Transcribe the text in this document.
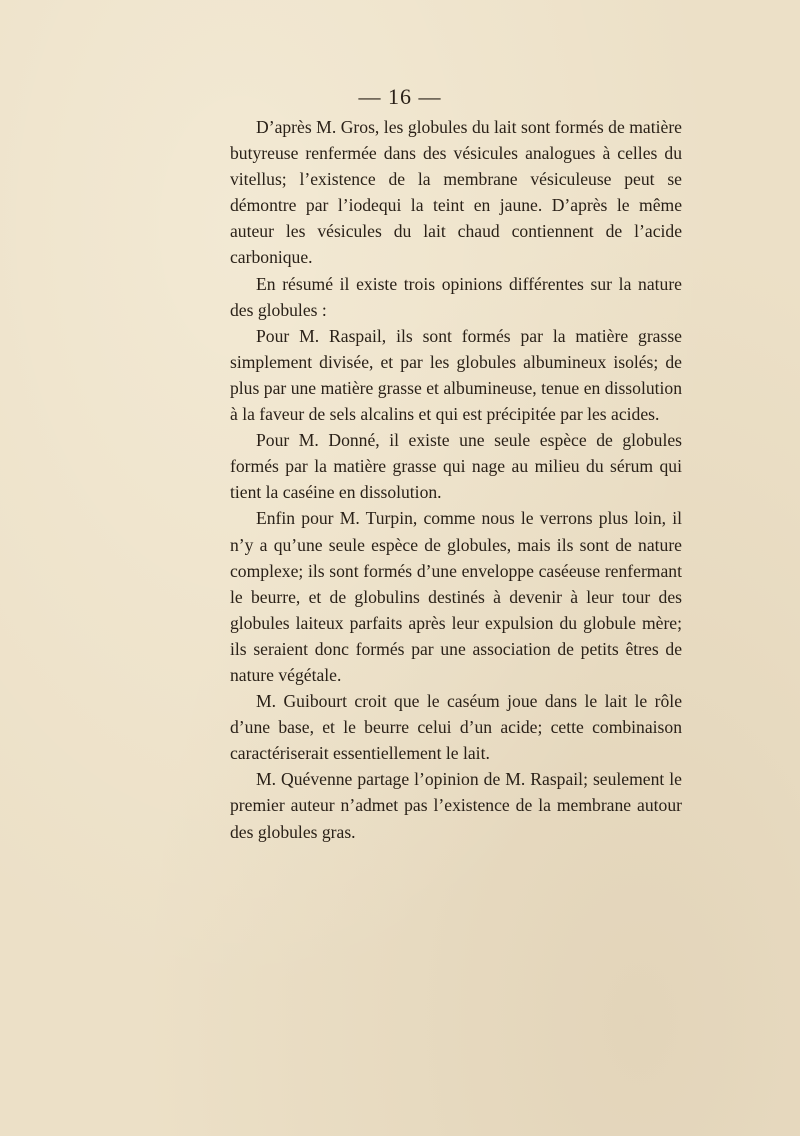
— 16 —

D’après M. Gros, les globules du lait sont formés de matière butyreuse renfermée dans des vésicules analogues à celles du vitellus; l’existence de la membrane vésiculeuse peut se démontre par l’iodequi la teint en jaune. D’après le même auteur les vésicules du lait chaud contiennent de l’acide carbonique.

En résumé il existe trois opinions différentes sur la nature des globules :

Pour M. Raspail, ils sont formés par la matière grasse simplement divisée, et par les globules albumineux isolés; de plus par une matière grasse et albumineuse, tenue en dissolution à la faveur de sels alcalins et qui est précipitée par les acides.

Pour M. Donné, il existe une seule espèce de globules formés par la matière grasse qui nage au milieu du sérum qui tient la caséine en dissolution.

Enfin pour M. Turpin, comme nous le verrons plus loin, il n’y a qu’une seule espèce de globules, mais ils sont de nature complexe; ils sont formés d’une enveloppe caséeuse renfermant le beurre, et de globulins destinés à devenir à leur tour des globules laiteux parfaits après leur expulsion du globule mère; ils seraient donc formés par une association de petits êtres de nature végétale.

M. Guibourt croit que le caséum joue dans le lait le rôle d’une base, et le beurre celui d’un acide; cette combinaison caractériserait essentiellement le lait.

M. Quévenne partage l’opinion de M. Raspail; seulement le premier auteur n’admet pas l’existence de la membrane autour des globules gras.
